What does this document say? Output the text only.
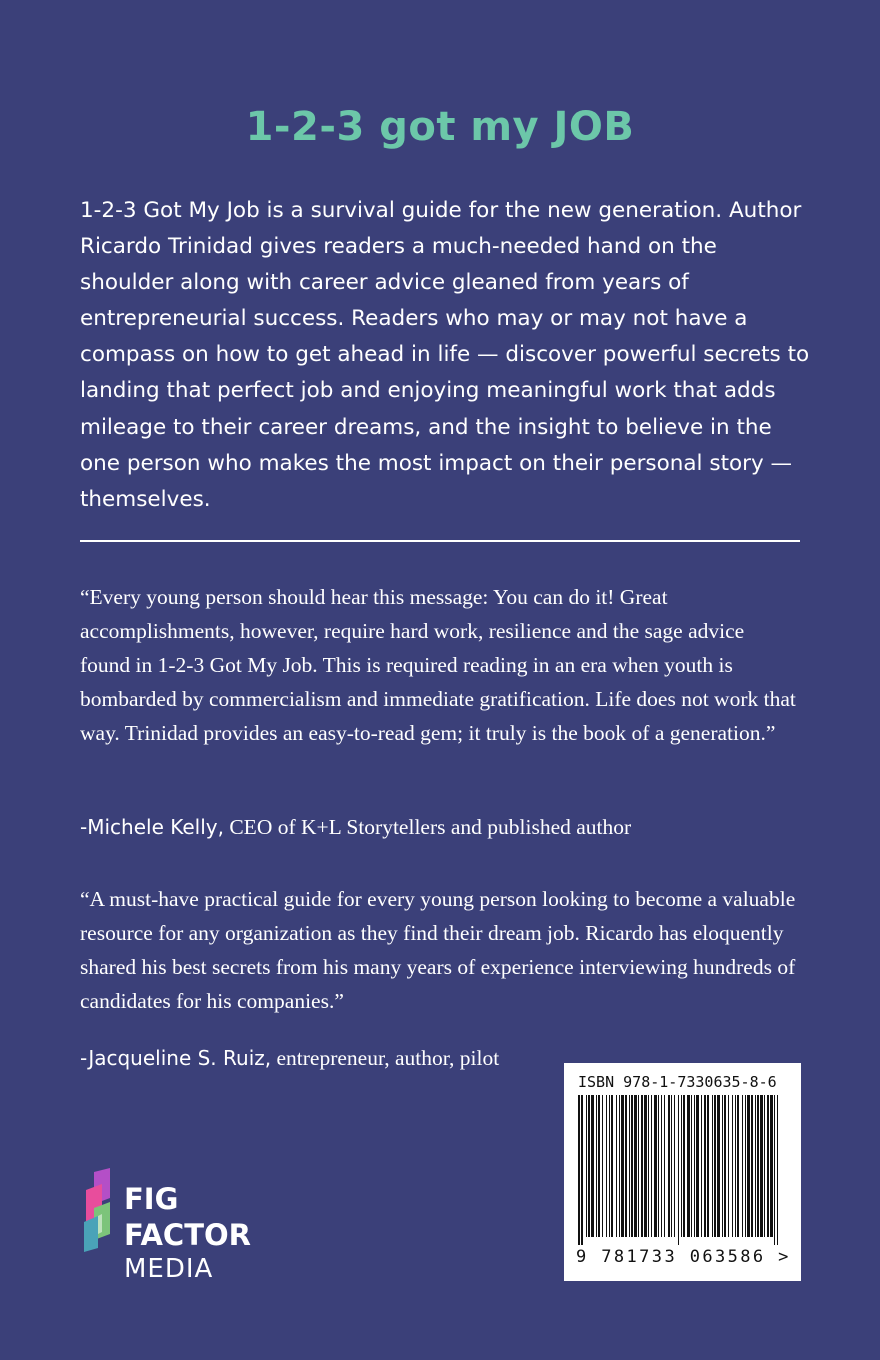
1-2-3 got my JOB

1-2-3 Got My Job is a survival guide for the new generation. Author Ricardo Trinidad gives readers a much-needed hand on the shoulder along with career advice gleaned from years of entrepreneurial success. Readers who may or may not have a compass on how to get ahead in life — discover powerful secrets to landing that perfect job and enjoying meaningful work that adds mileage to their career dreams, and the insight to believe in the one person who makes the most impact on their personal story — themselves.

“Every young person should hear this message: You can do it! Great accomplishments, however, require hard work, resilience and the sage advice found in 1-2-3 Got My Job. This is required reading in an era when youth is bombarded by commercialism and immediate gratification. Life does not work that way. Trinidad provides an easy-to-read gem; it truly is the book of a generation.”

-Michele Kelly, CEO of K+L Storytellers and published author

“A must-have practical guide for every young person looking to become a valuable resource for any organization as they find their dream job. Ricardo has eloquently shared his best secrets from his many years of experience interviewing hundreds of candidates for his companies.”

-Jacqueline S. Ruiz, entrepreneur, author, pilot

FIG
FACTOR
MEDIA
ISBN 978-1-7330635-8-6
9 781733 063586 >
